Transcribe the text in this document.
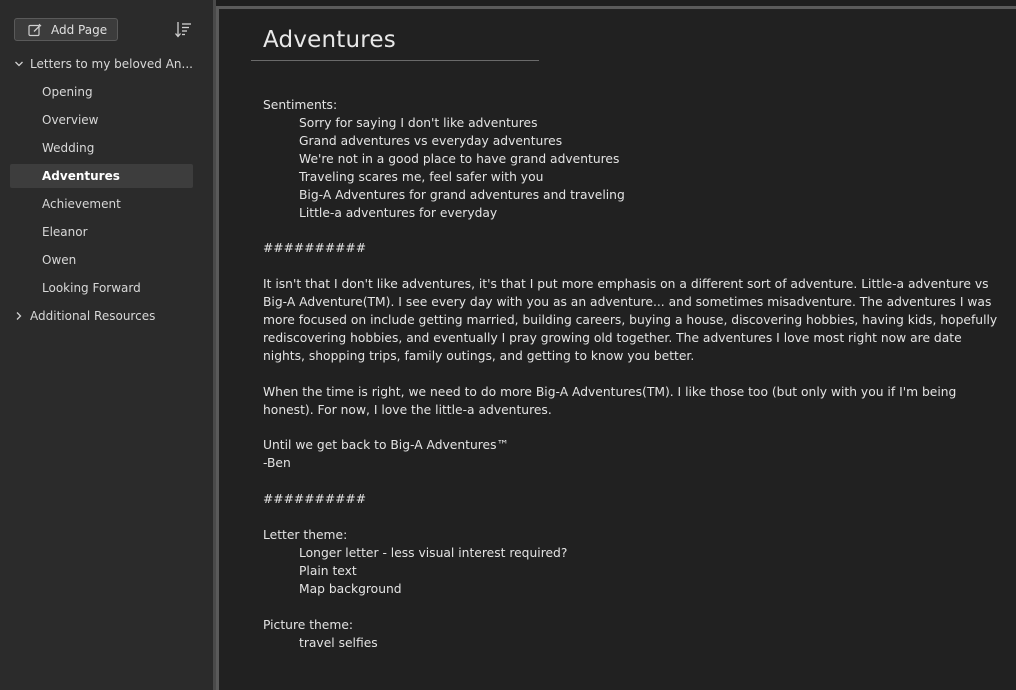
Add Page
Letters to my beloved An...
Opening
Overview
Wedding
Adventures
Achievement
Eleanor
Owen
Looking Forward
Additional Resources
Adventures
Sentiments:
Sorry for saying I don't like adventures
Grand adventures vs everyday adventures
We're not in a good place to have grand adventures
Traveling scares me, feel safer with you
Big-A Adventures for grand adventures and traveling
Little-a adventures for everyday
##########
It isn't that I don't like adventures, it's that I put more emphasis on a different sort of adventure. Little-a adventure vs Big-A Adventure(TM). I see every day with you as an adventure... and sometimes misadventure. The adventures I was more focused on include getting married, building careers, buying a house, discovering hobbies, having kids, hopefully rediscovering hobbies, and eventually I pray growing old together. The adventures I love most right now are date nights, shopping trips, family outings, and getting to know you better.
When the time is right, we need to do more Big-A Adventures(TM). I like those too (but only with you if I'm being honest). For now, I love the little-a adventures.
Until we get back to Big-A Adventures™
-Ben
##########
Letter theme:
Longer letter - less visual interest required?
Plain text
Map background
Picture theme:
travel selfies
